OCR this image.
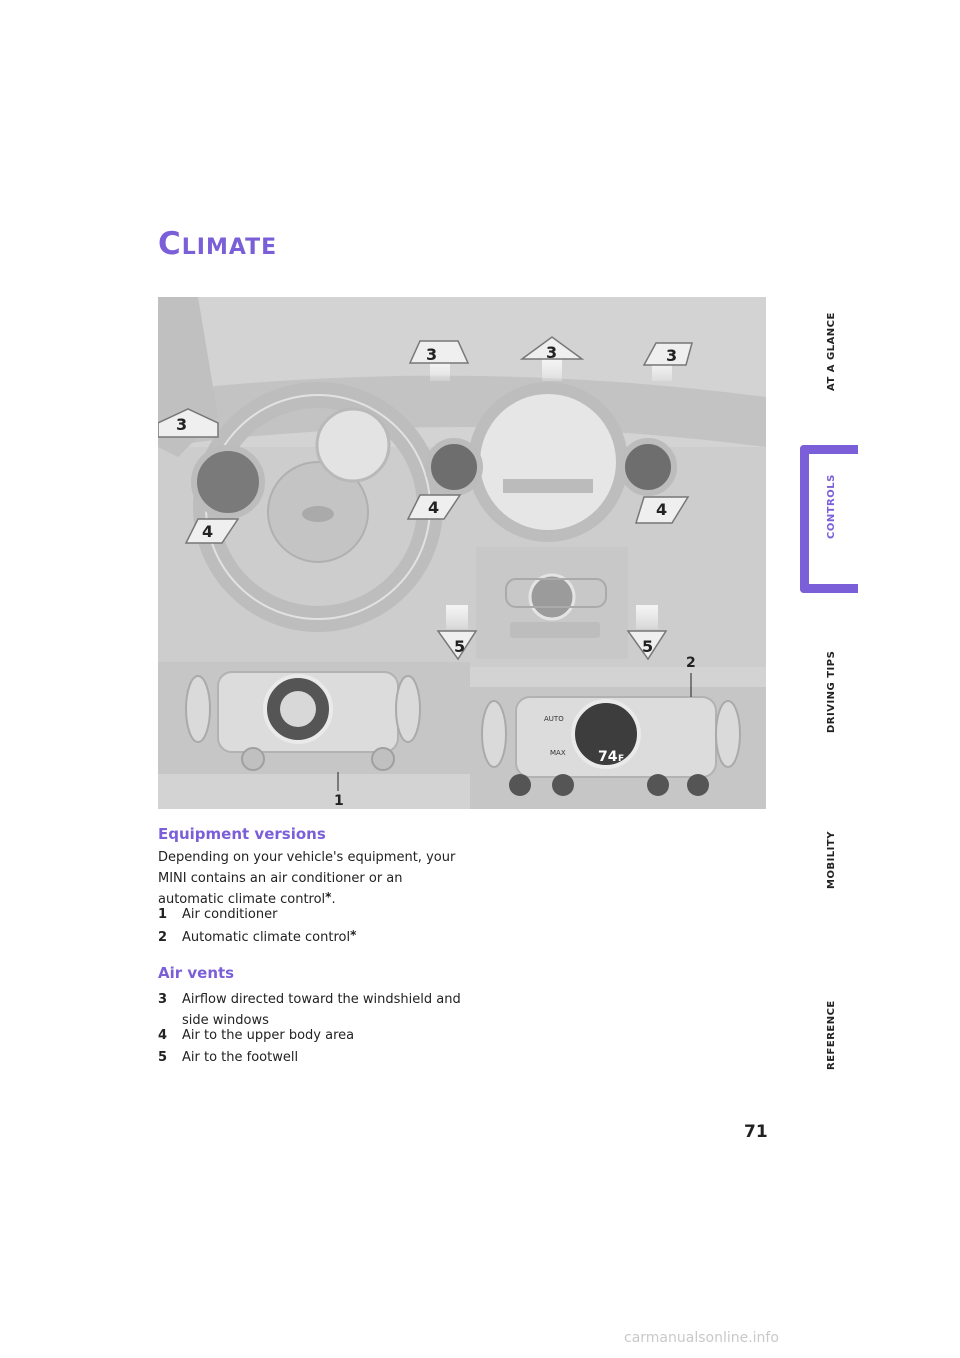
Climate
AUTO
MAX 74 F
3	3	3
3
4
4	4
5	5
1
2
Equipment versions

Depending on your vehicle's equipment, your MINI contains an air conditioner or an automatic climate control*.

1 Air conditioner
2 Automatic climate control*
Air vents
3 Airflow directed toward the windshield and side windows
5 Air to the footwell
4 Air to the upper body area
AT A GLANCE
CONTROLS
DRIVING TIPS
MOBILITY
REFERENCE
71
carmanualsonline.info
